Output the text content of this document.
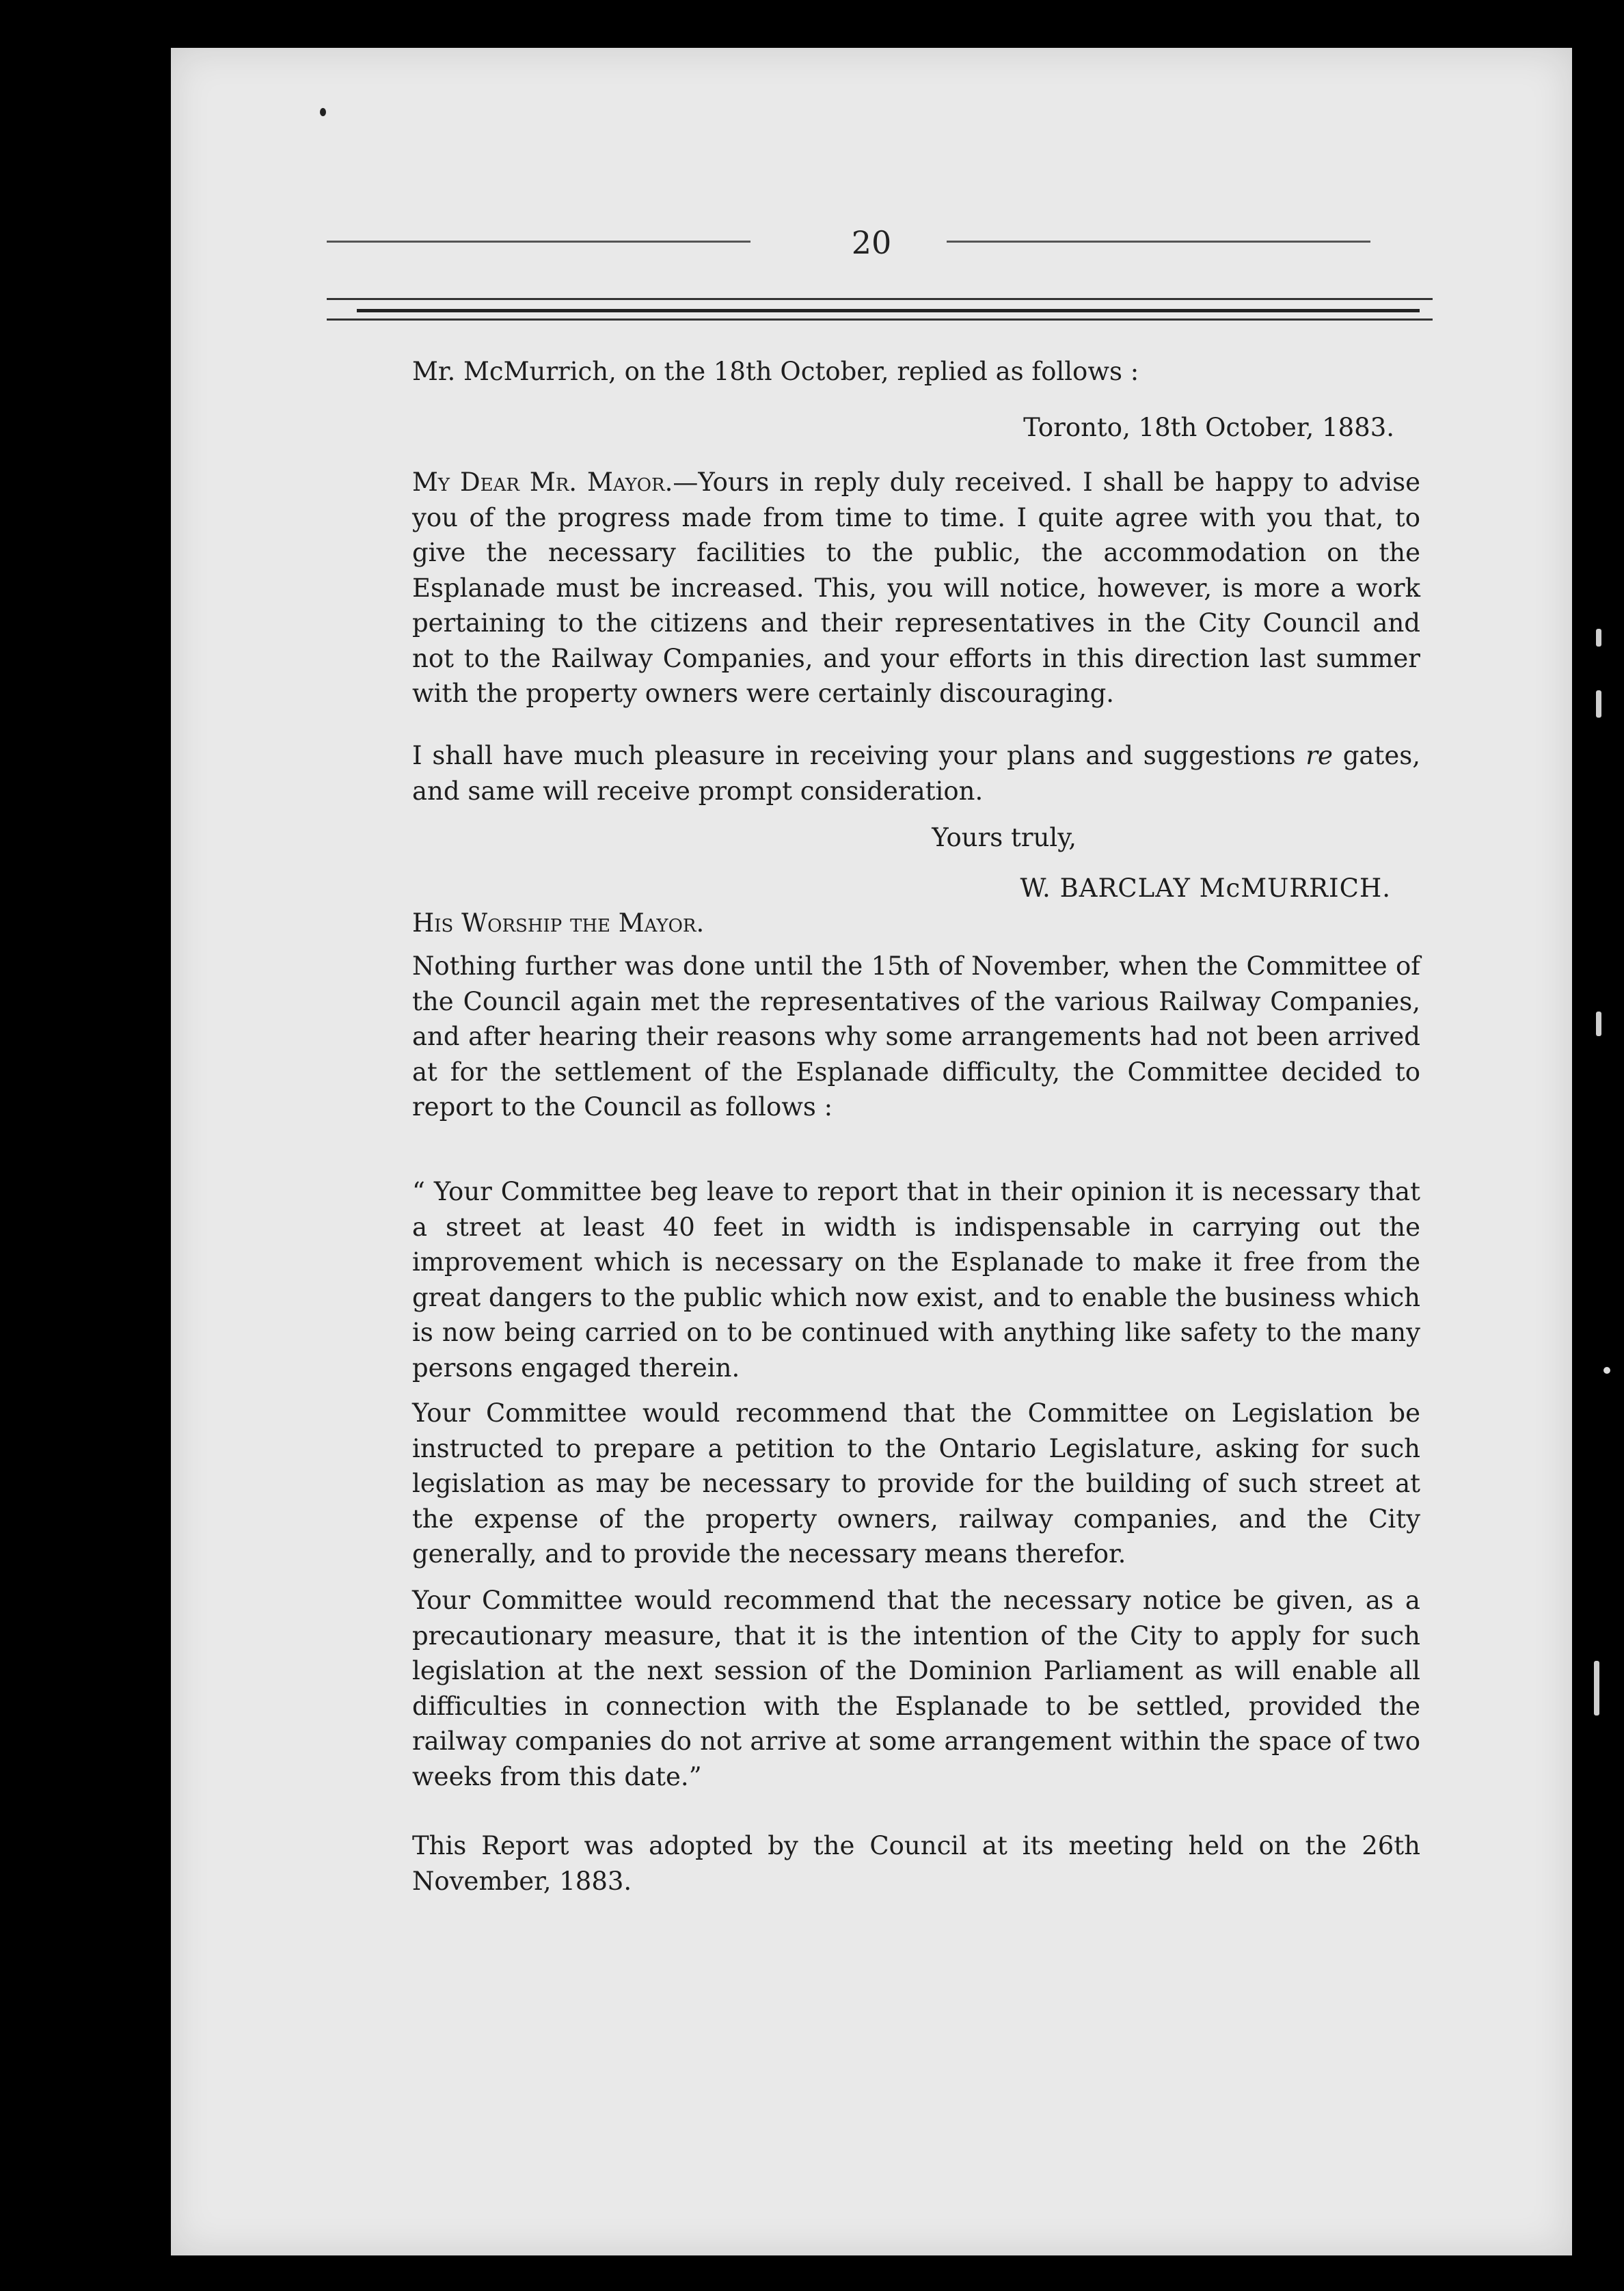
20
Mr. McMurrich, on the 18th October, replied as follows :
Toronto, 18th October, 1883.
My Dear Mr. Mayor.—Yours in reply duly received. I shall be happy to advise you of the progress made from time to time. I quite agree with you that, to give the necessary facilities to the public, the accommodation on the Esplanade must be increased. This, you will notice, however, is more a work pertaining to the citizens and their representatives in the City Council and not to the Railway Companies, and your efforts in this direction last summer with the property owners were certainly discouraging.
I shall have much pleasure in receiving your plans and suggestions re gates, and same will receive prompt consideration.
Yours truly,
W. BARCLAY McMURRICH.
His Worship the Mayor.
Nothing further was done until the 15th of November, when the Committee of the Council again met the representatives of the various Railway Companies, and after hearing their reasons why some arrangements had not been arrived at for the settlement of the Esplanade difficulty, the Committee decided to report to the Council as follows :
“ Your Committee beg leave to report that in their opinion it is necessary that a street at least 40 feet in width is indispensable in carrying out the improvement which is necessary on the Esplanade to make it free from the great dangers to the public which now exist, and to enable the business which is now being carried on to be continued with anything like safety to the many persons engaged therein.
Your Committee would recommend that the Committee on Legislation be instructed to prepare a petition to the Ontario Legislature, asking for such legislation as may be necessary to provide for the building of such street at the expense of the property owners, railway companies, and the City generally, and to provide the necessary means therefor.
Your Committee would recommend that the necessary notice be given, as a precautionary measure, that it is the intention of the City to apply for such legislation at the next session of the Dominion Parliament as will enable all difficulties in connection with the Esplanade to be settled, provided the railway companies do not arrive at some arrangement within the space of two weeks from this date.”
This Report was adopted by the Council at its meeting held on the 26th November, 1883.
